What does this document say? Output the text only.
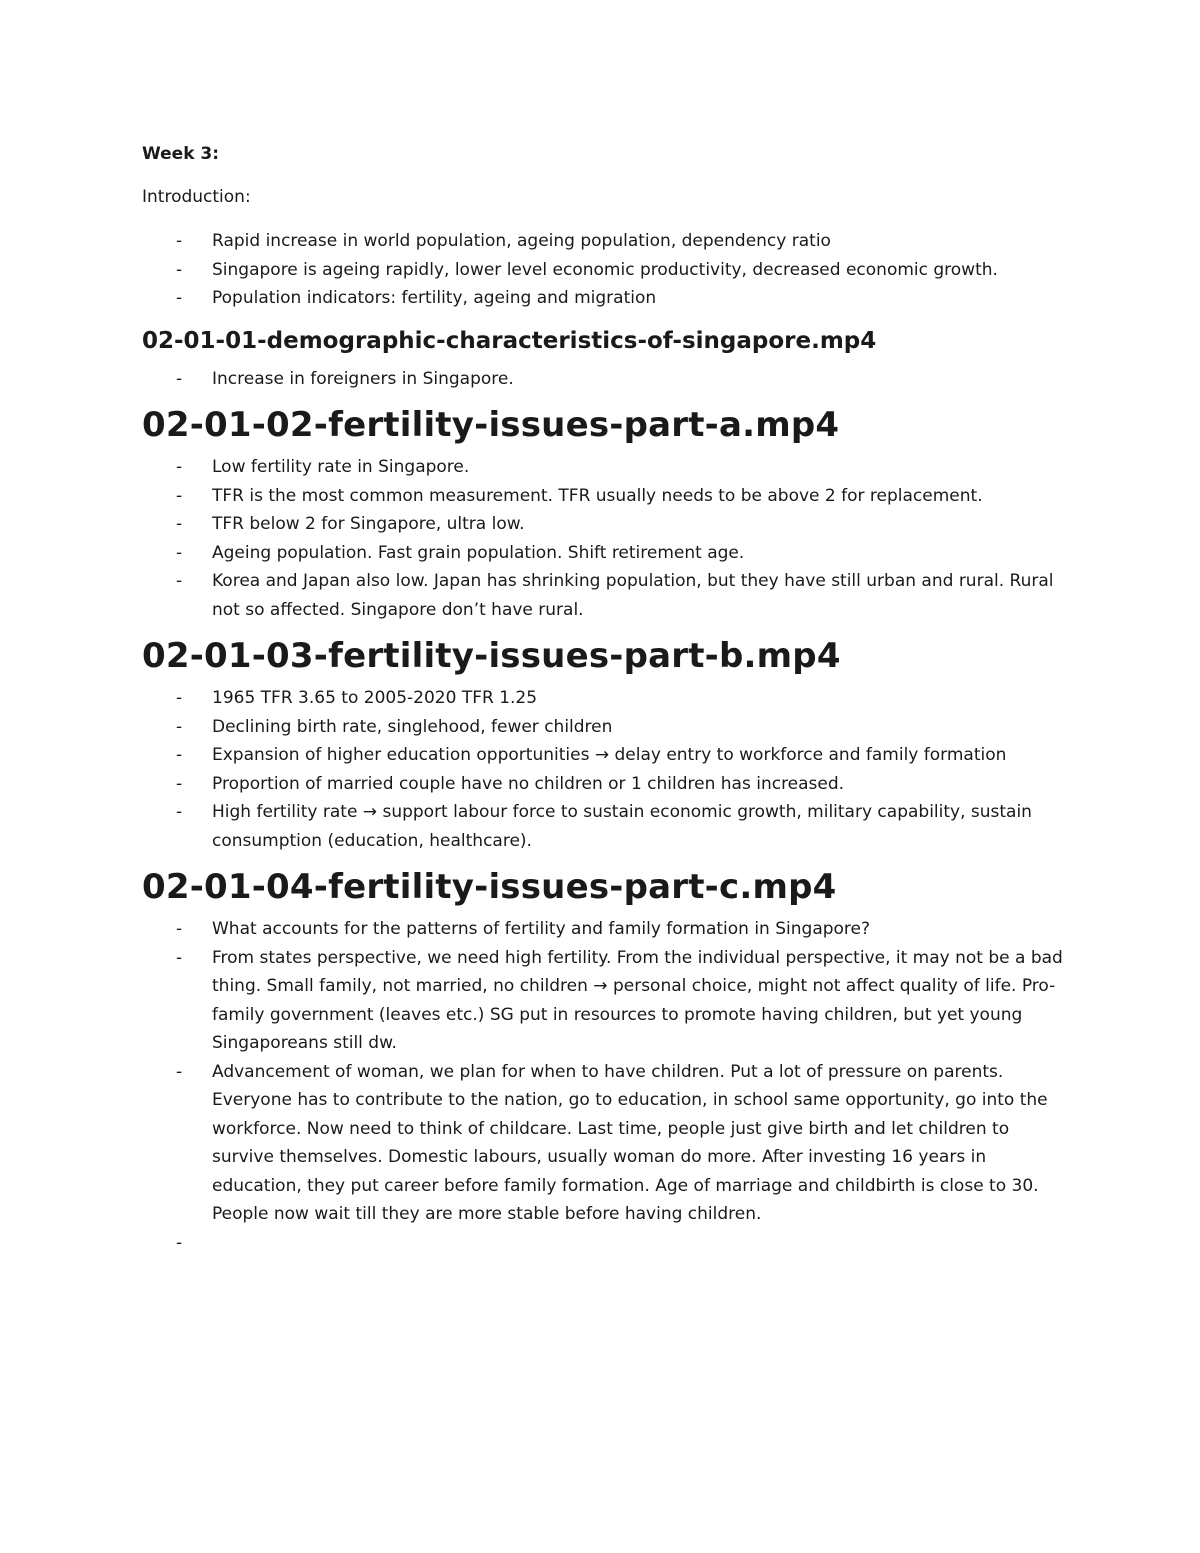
Week 3:
Introduction:
- Rapid increase in world population, ageing population, dependency ratio
- Singapore is ageing rapidly, lower level economic productivity, decreased economic growth.
- Population indicators: fertility, ageing and migration
02-01-01-demographic-characteristics-of-singapore.mp4
- Increase in foreigners in Singapore.
02-01-02-fertility-issues-part-a.mp4
- Low fertility rate in Singapore.
- TFR is the most common measurement. TFR usually needs to be above 2 for replacement.
- TFR below 2 for Singapore, ultra low.
- Ageing population. Fast grain population. Shift retirement age.
- Korea and Japan also low. Japan has shrinking population, but they have still urban and rural. Rural not so affected. Singapore don’t have rural.
02-01-03-fertility-issues-part-b.mp4
- 1965 TFR 3.65 to 2005-2020 TFR 1.25
- Declining birth rate, singlehood, fewer children
- Expansion of higher education opportunities → delay entry to workforce and family formation
- Proportion of married couple have no children or 1 children has increased.
- High fertility rate → support labour force to sustain economic growth, military capability, sustain consumption (education, healthcare).
02-01-04-fertility-issues-part-c.mp4
- What accounts for the patterns of fertility and family formation in Singapore?
- From states perspective, we need high fertility. From the individual perspective, it may not be a bad thing. Small family, not married, no children → personal choice, might not affect quality of life. Pro-family government (leaves etc.) SG put in resources to promote having children, but yet young Singaporeans still dw.
- Advancement of woman, we plan for when to have children. Put a lot of pressure on parents. Everyone has to contribute to the nation, go to education, in school same opportunity, go into the workforce. Now need to think of childcare. Last time, people just give birth and let children to survive themselves. Domestic labours, usually woman do more. After investing 16 years in education, they put career before family formation. Age of marriage and childbirth is close to 30. People now wait till they are more stable before having children.
-
